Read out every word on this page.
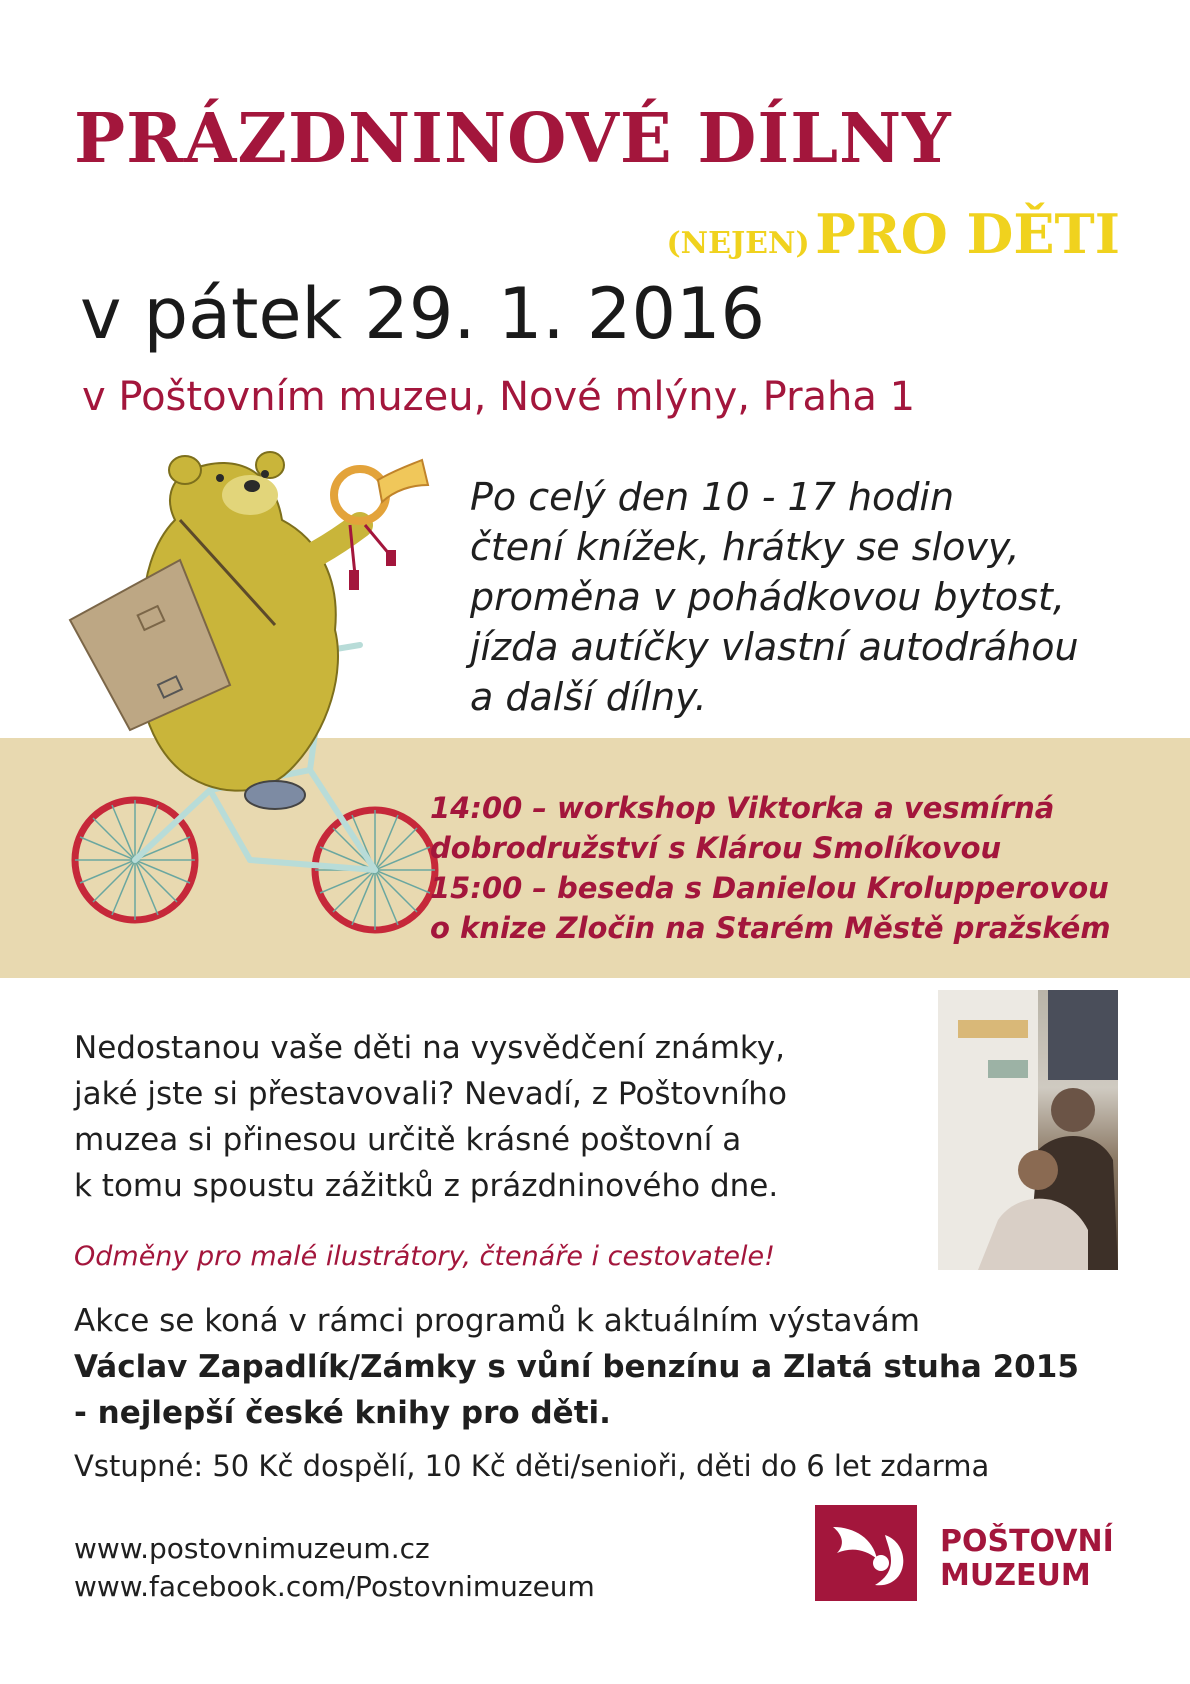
PRÁZDNINOVÉ DÍLNY
(NEJEN) PRO DĚTI
v pátek 29. 1. 2016
v Poštovním muzeu, Nové mlýny, Praha 1
Po celý den 10 - 17 hodin
čtení knížek, hrátky se slovy,
proměna v pohádkovou bytost,
jízda autíčky vlastní autodráhou
a další dílny.
14:00 – workshop Viktorka a vesmírná
dobrodružství s Klárou Smolíkovou
15:00 – beseda s Danielou Krolupperovou
o knize Zločin na Starém Městě pražském
Nedostanou vaše děti na vysvědčení známky,
jaké jste si přestavovali? Nevadí, z Poštovního
muzea si přinesou určitě krásné poštovní a
k tomu spoustu zážitků z prázdninového dne.
Odměny pro malé ilustrátory, čtenáře i cestovatele!
Akce se koná v rámci programů k aktuálním výstavám
Václav Zapadlík/Zámky s vůní benzínu a Zlatá stuha 2015
- nejlepší české knihy pro děti.
Vstupné: 50 Kč dospělí, 10 Kč děti/senioři, děti do 6 let zdarma
www.postovnimuzeum.cz
www.facebook.com/Postovnimuzeum
POŠTOVNÍ
MUZEUM
